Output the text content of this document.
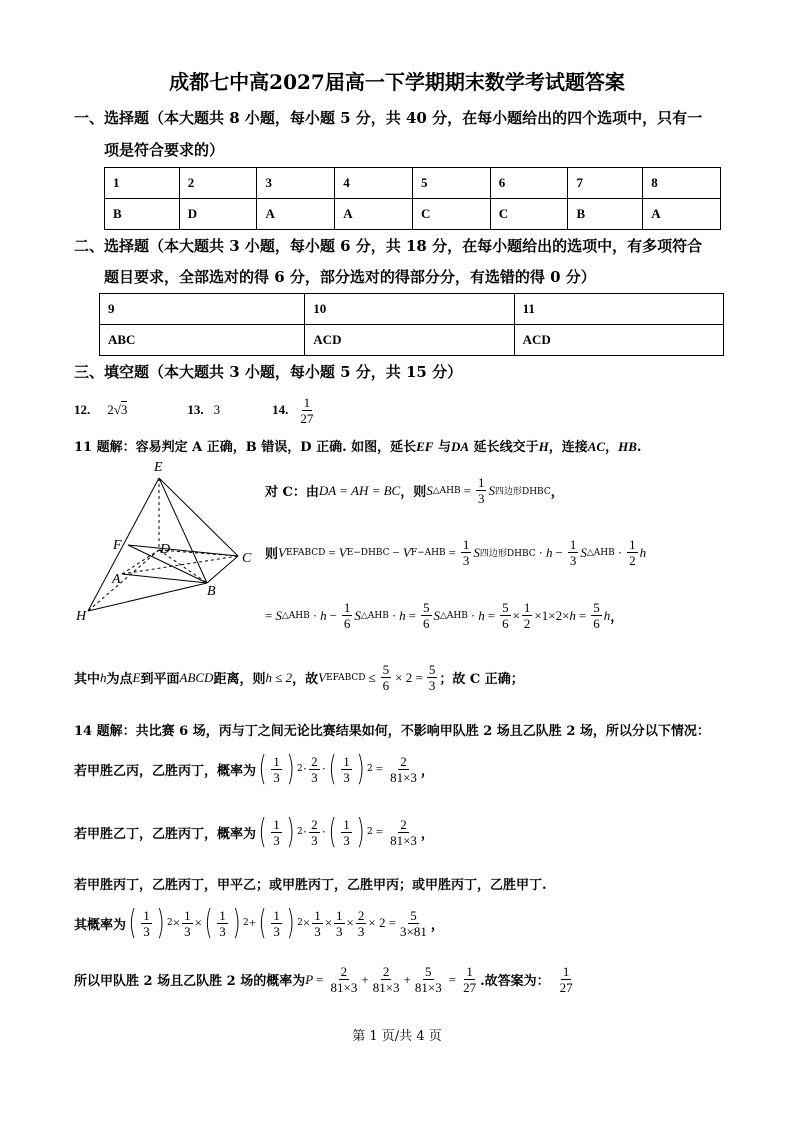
成都七中高2027届高一下学期期末数学考试题答案
一、选择题（本大题共 8 小题，每小题 5 分，共 40 分，在每小题给出的四个选项中，只有一
项是符合要求的）
1	2	3	4	5	6	7	8
B	D	A	A	C	C	B	A
二、选择题（本大题共 3 小题，每小题 6 分，共 18 分，在每小题给出的选项中，有多项符合
题目要求，全部选对的得 6 分，部分选对的得部分分，有选错的得 0 分）
9	10	11
ABC	ACD	ACD
三、填空题（本大题共 3 小题，每小题 5 分，共 15 分）
12. 2√3	13. 3	14. $\frac{1}{27}$
11 题解：容易判定 A 正确，B 错误，D 正确. 如图，延长EF 与DA 延长线交于H，连接AC，HB.
E
F	D
C
A
B
H
对 C：由 DA = AH = BC ，则 S △AHB = $\frac{1}{3}$ S 四边形DHBC ，
则 V EFABCD = V E−DHBC − V $F-AHB = \frac{1}{3}$ S 四边形DHBC · $h - \frac{1}{3}$ S △AHB · $\frac{1}{2}$ h
= S △AHB · $h - \frac{1}{6}$ S △AHB · $h = \frac{5}{6}$ S △AHB · $h = \frac{5}{6} \times \frac{1}{2} \times 1\times 2\times h = \frac{5}{6}$ h ，
其中 h 为点 E 到平面 ABCD 距离，则 h ≤ 2 ，故 V EFABCD ≤ $\frac{5}{6} \times 2 = \frac{5}{3}$ ；故 C 正确；
14 题解：共比赛 6 场，丙与丁之间无论比赛结果如何，不影响甲队胜 2 场且乙队胜 2 场，所以分以下情况：
若甲胜乙丙，乙胜丙丁，概率为 ( $\frac{1}{3}$ ) $2 \cdot \frac{2}{3}$ · ( $\frac{1}{3}$ ) $2 = \frac{2}{81\times 3}$ ，
若甲胜乙丁，乙胜丙丁，概率为 ( $\frac{1}{3}$ ) $2 \cdot \frac{2}{3}$ · ( $\frac{1}{3}$ ) $2 = \frac{2}{81\times 3}$ ，
若甲胜丙丁，乙胜丙丁，甲平乙；或甲胜丙丁，乙胜甲丙；或甲胜丙丁，乙胜甲丁.
其概率为 ( $\frac{1}{3}$ ) $2 \times \frac{1}{3}$ × ( $\frac{1}{3}$ ) 2 + ( $\frac{1}{3}$ ) $2 \times \frac{1}{3} \times \frac{1}{3} \times \frac{2}{3} \times 2 = \frac{5}{3\times 81}$ ，
所以甲队胜 2 场且乙队胜 2 场的概率为 $P = \frac{2}{81\times 3} + \frac{2}{81\times 3} + \frac{5}{81\times 3} = \frac{1}{27}$ .故答案为： $\frac{1}{27}$
第 1 页/共 4 页
